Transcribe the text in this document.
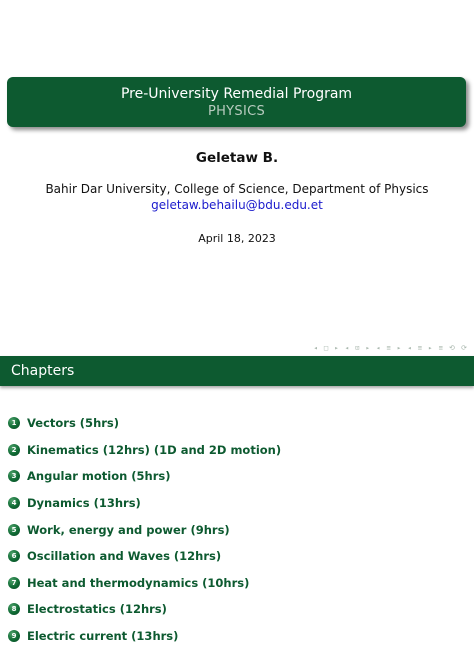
Pre-University Remedial Program
PHYSICS
Geletaw B.
Bahir Dar University, College of Science, Department of Physics
geletaw.behailu@bdu.edu.et
April 18, 2023
◂ □ ▸ ◂ ⊡ ▸ ◂ ≡ ▸ ◂ ≡ ▸ ≡ ⟲ ⟳
Chapters
1 Vectors (5hrs)
2 Kinematics (12hrs) (1D and 2D motion)
3 Angular motion (5hrs)
4 Dynamics (13hrs)
5 Work, energy and power (9hrs)
6 Oscillation and Waves (12hrs)
7 Heat and thermodynamics (10hrs)
8 Electrostatics (12hrs)
9 Electric current (13hrs)
